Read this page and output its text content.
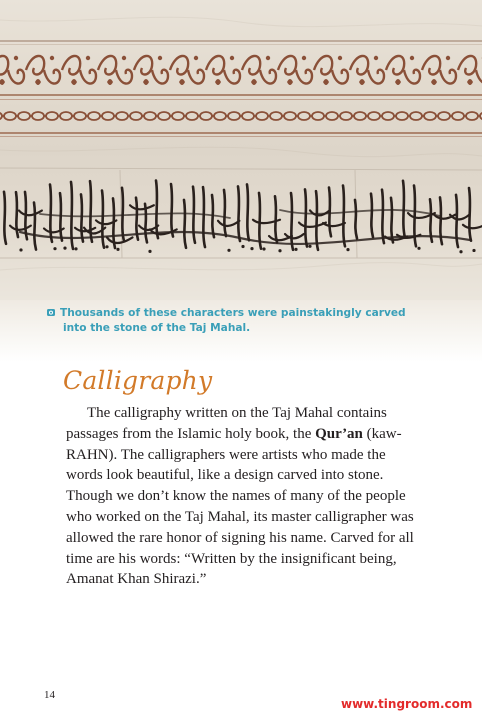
Thousands of these characters were painstakingly carved
into the stone of the Taj Mahal.
Calligraphy
The calligraphy written on the Taj Mahal contains
passages from the Islamic holy book, the Qur’an (kaw-
RAHN). The calligraphers were artists who made the
words look beautiful, like a design carved into stone.
Though we don’t know the names of many of the people
who worked on the Taj Mahal, its master calligrapher was
allowed the rare honor of signing his name. Carved for all
time are his words: “Written by the insignificant being,
Amanat Khan Shirazi.”
14
www.tingroom.com
